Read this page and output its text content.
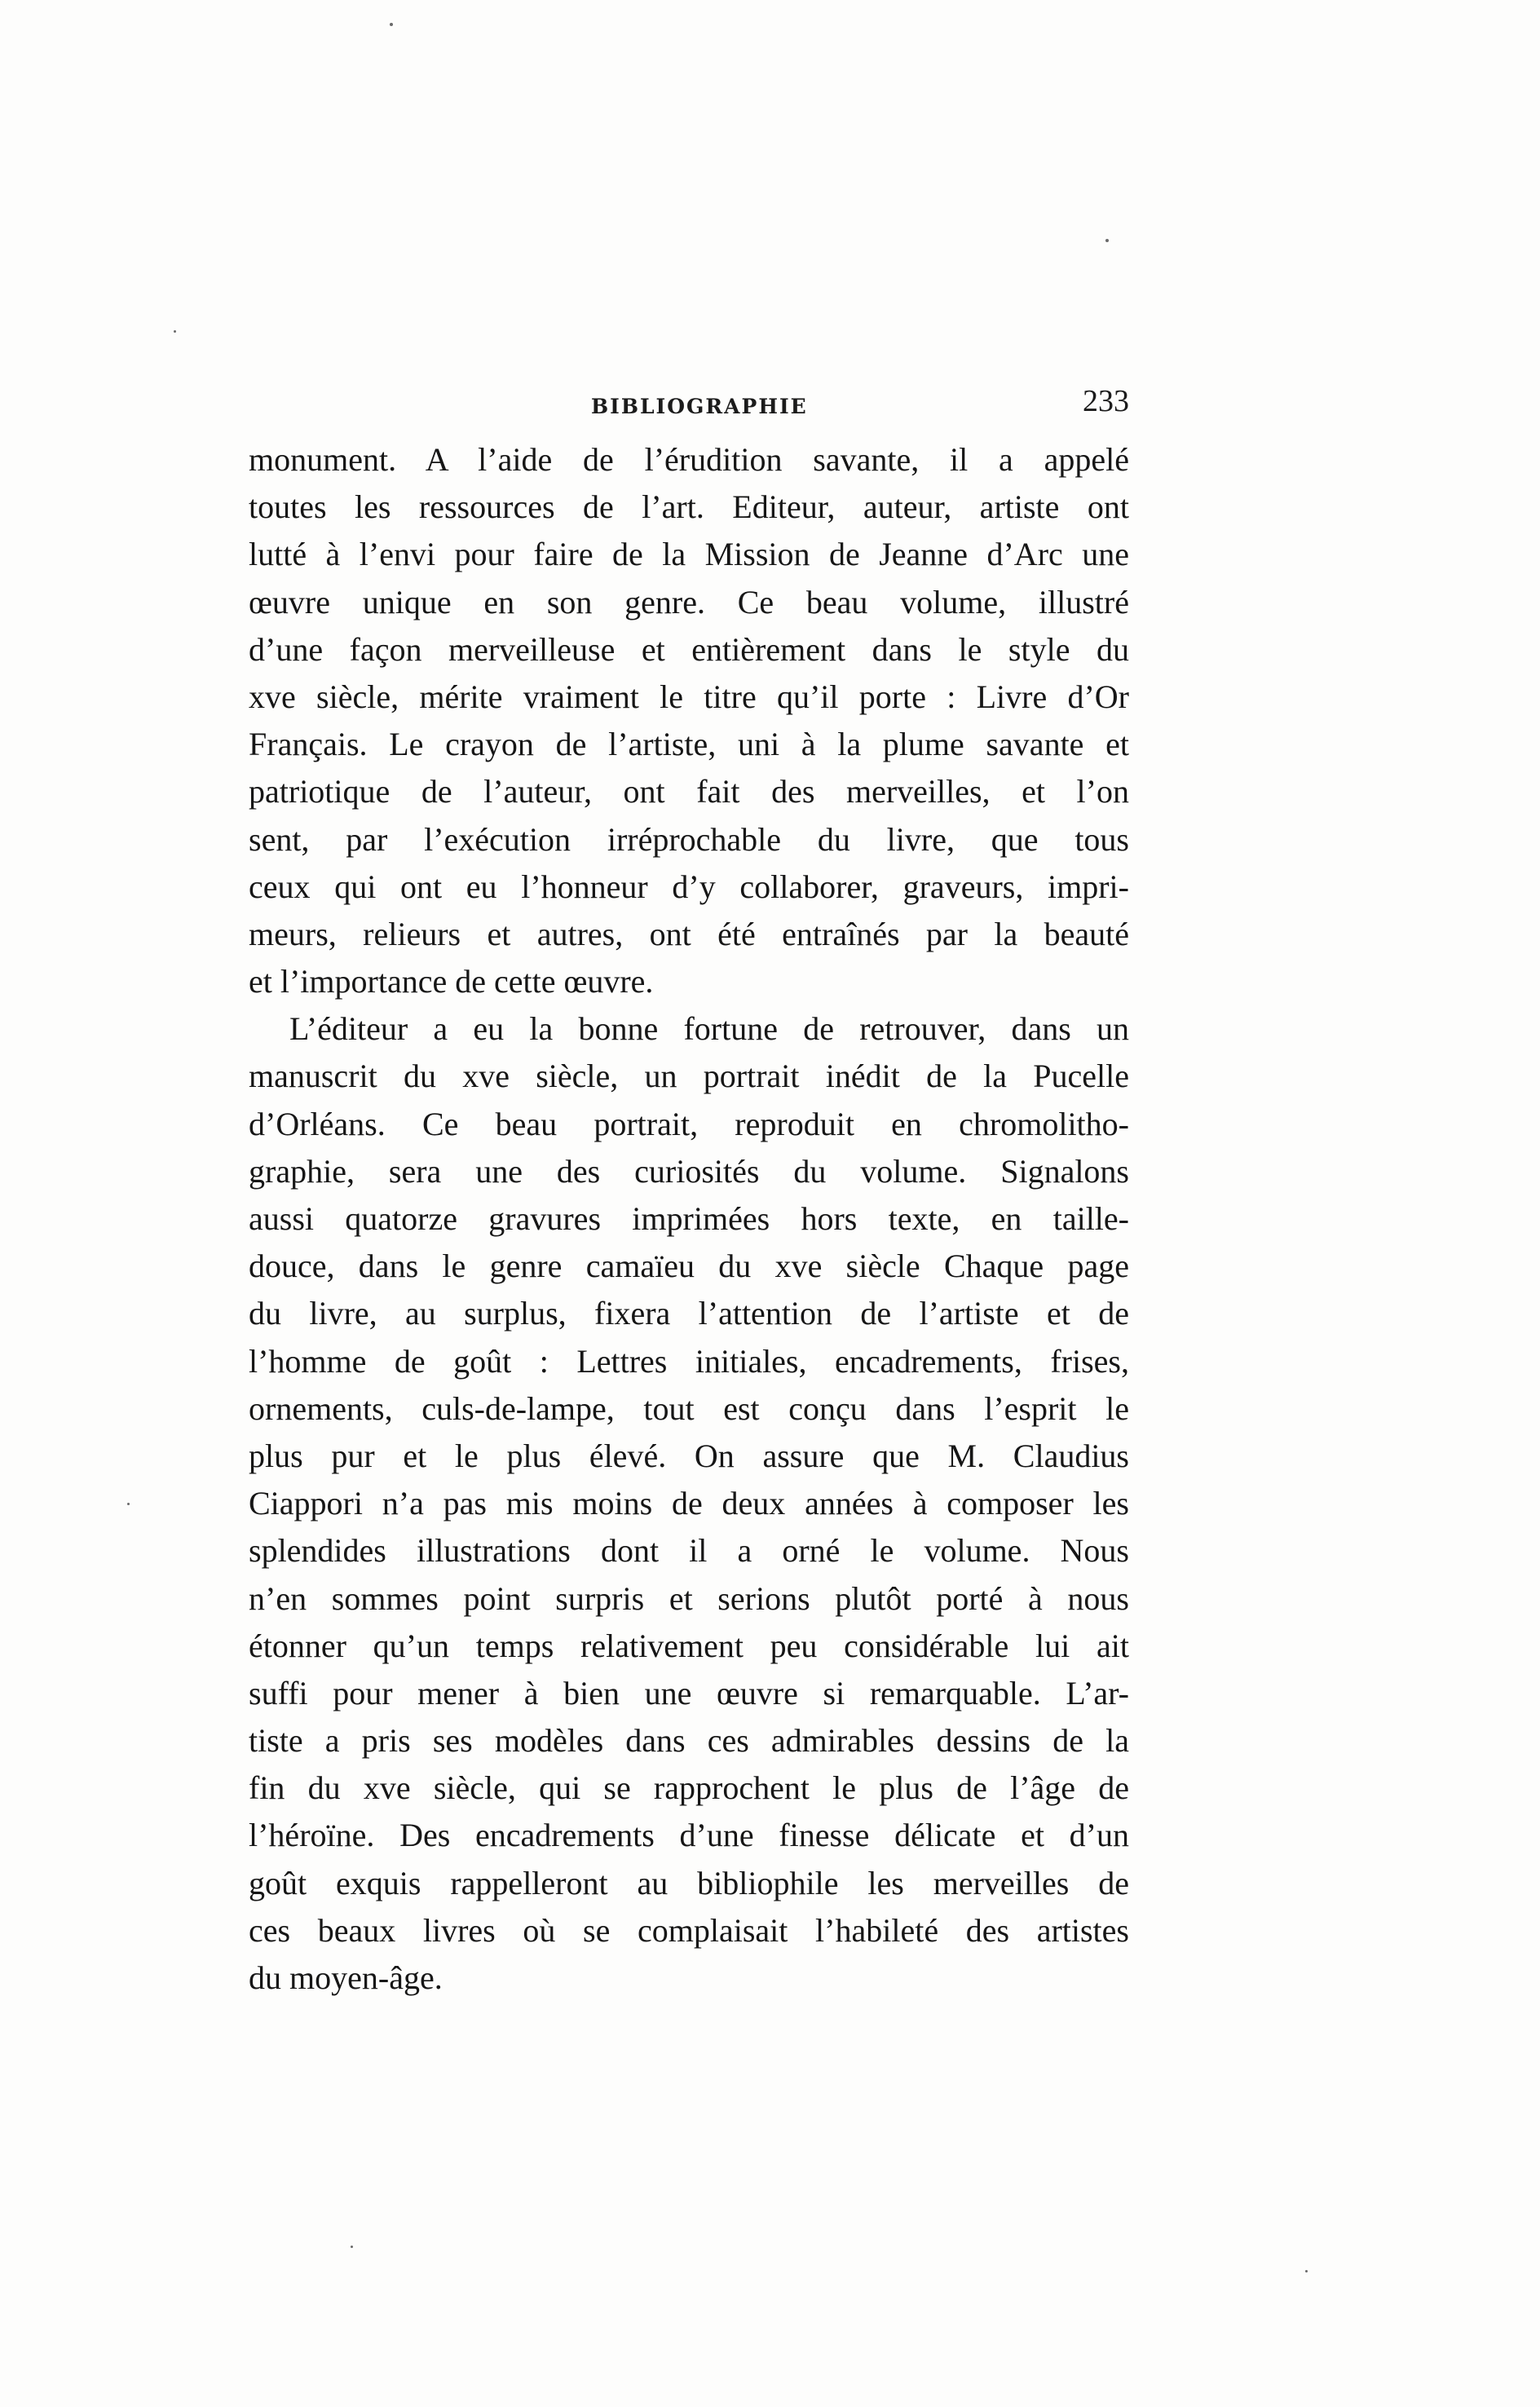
BIBLIOGRAPHIE	233
monument. A l’aide de l’érudition savante, il a appelé
toutes les ressources de l’art. Editeur, auteur, artiste ont
lutté à l’envi pour faire de la Mission de Jeanne d’Arc une
œuvre unique en son genre. Ce beau volume, illustré
d’une façon merveilleuse et entièrement dans le style du
xve siècle, mérite vraiment le titre qu’il porte : Livre d’Or
Français. Le crayon de l’artiste, uni à la plume savante et
patriotique de l’auteur, ont fait des merveilles, et l’on
sent, par l’exécution irréprochable du livre, que tous
ceux qui ont eu l’honneur d’y collaborer, graveurs, impri-
meurs, relieurs et autres, ont été entraînés par la beauté
et l’importance de cette œuvre.
L’éditeur a eu la bonne fortune de retrouver, dans un
manuscrit du xve siècle, un portrait inédit de la Pucelle
d’Orléans. Ce beau portrait, reproduit en chromolitho-
graphie, sera une des curiosités du volume. Signalons
aussi quatorze gravures imprimées hors texte, en taille-
douce, dans le genre camaïeu du xve siècle Chaque page
du livre, au surplus, fixera l’attention de l’artiste et de
l’homme de goût : Lettres initiales, encadrements, frises,
ornements, culs-de-lampe, tout est conçu dans l’esprit le
plus pur et le plus élevé. On assure que M. Claudius
Ciappori n’a pas mis moins de deux années à composer les
splendides illustrations dont il a orné le volume. Nous
n’en sommes point surpris et serions plutôt porté à nous
étonner qu’un temps relativement peu considérable lui ait
suffi pour mener à bien une œuvre si remarquable. L’ar-
tiste a pris ses modèles dans ces admirables dessins de la
fin du xve siècle, qui se rapprochent le plus de l’âge de
l’héroïne. Des encadrements d’une finesse délicate et d’un
goût exquis rappelleront au bibliophile les merveilles de
ces beaux livres où se complaisait l’habileté des artistes
du moyen-âge.
